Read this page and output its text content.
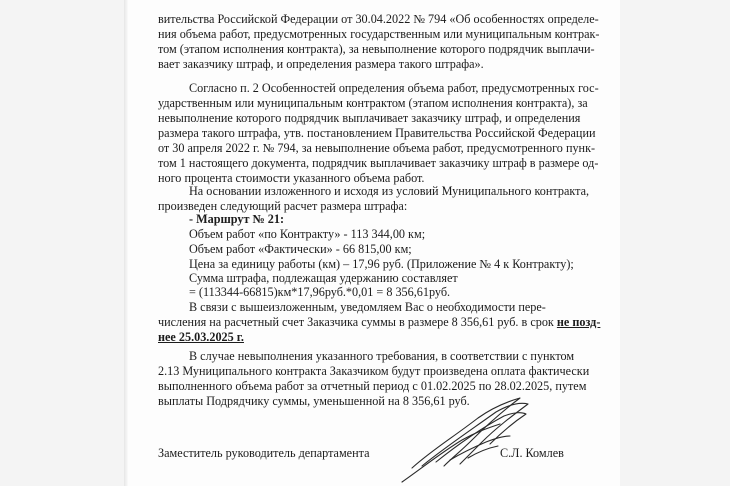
вительства Российской Федерации от 30.04.2022 № 794 «Об особенностях определе-
ния объема работ, предусмотренных государственным или муниципальным контрак-
том (этапом исполнения контракта), за невыполнение которого подрядчик выплачи-
вает заказчику штраф, и определения размера такого штрафа».
Согласно п. 2 Особенностей определения объема работ, предусмотренных гос-
ударственным или муниципальным контрактом (этапом исполнения контракта), за
невыполнение которого подрядчик выплачивает заказчику штраф, и определения
размера такого штрафа, утв. постановлением Правительства Российской Федерации
от 30 апреля 2022 г. № 794, за невыполнение объема работ, предусмотренного пунк-
том 1 настоящего документа, подрядчик выплачивает заказчику штраф в размере од-
ного процента стоимости указанного объема работ.
На основании изложенного и исходя из условий Муниципального контракта,
произведен следующий расчет размера штрафа:
- Маршрут № 21:
Объем работ «по Контракту» - 113 344,00 км;
Объем работ «Фактически» - 66 815,00 км;
Цена за единицу работы (км) – 17,96 руб. (Приложение № 4 к Контракту);
Сумма штрафа, подлежащая удержанию составляет
= (113344-66815)км*17,96руб.*0,01 = 8 356,61руб.
В связи с вышеизложенным, уведомляем Вас о необходимости пере-
числения на расчетный счет Заказчика суммы в размере 8 356,61 руб. в срок не позд-
нее 25.03.2025 г.
В случае невыполнения указанного требования, в соответствии с пунктом
2.13 Муниципального контракта Заказчиком будут произведена оплата фактически
выполненного объема работ за отчетный период с 01.02.2025 по 28.02.2025, путем
выплаты Подрядчику суммы, уменьшенной на 8 356,61 руб.
Заместитель руководитель департамента	С.Л. Комлев
